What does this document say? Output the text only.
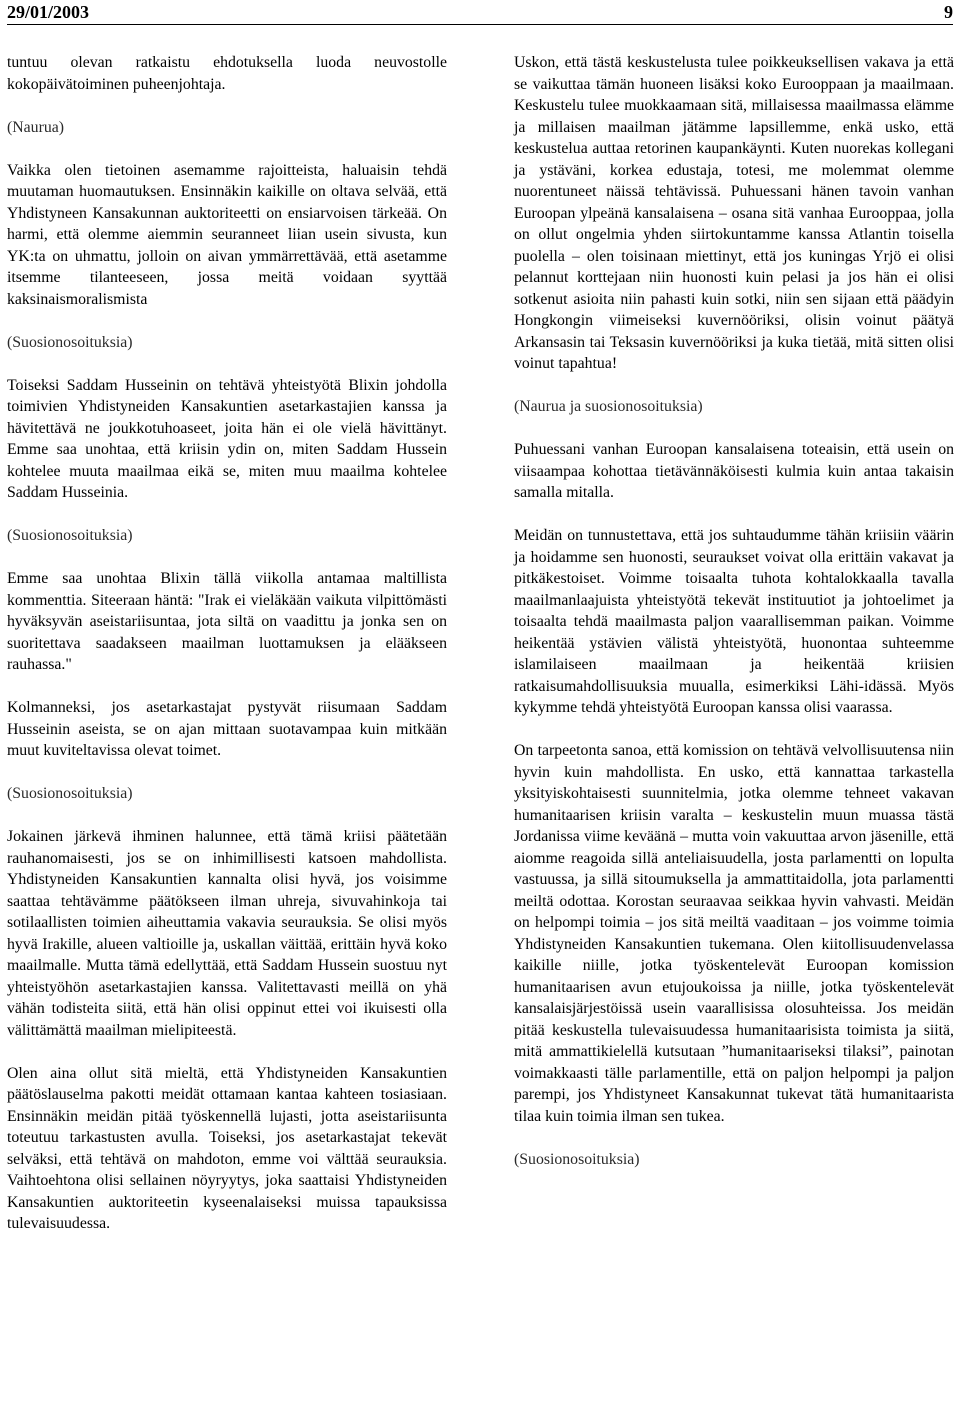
29/01/2003	9

tuntuu olevan ratkaistu ehdotuksella luoda neuvostolle kokopäivätoiminen puheenjohtaja.

(Naurua)

Vaikka olen tietoinen asemamme rajoitteista, haluaisin tehdä muutaman huomautuksen. Ensinnäkin kaikille on oltava selvää, että Yhdistyneen Kansakunnan auktoriteetti on ensiarvoisen tärkeää. On harmi, että olemme aiemmin seuranneet liian usein sivusta, kun YK:ta on uhmattu, jolloin on aivan ymmärrettävää, että asetamme itsemme tilanteeseen, jossa meitä voidaan syyttää kaksinaismoralismista

(Suosionosoituksia)

Toiseksi Saddam Husseinin on tehtävä yhteistyötä Blixin johdolla toimivien Yhdistyneiden Kansakuntien asetarkastajien kanssa ja hävitettävä ne joukkotuhoaseet, joita hän ei ole vielä hävittänyt. Emme saa unohtaa, että kriisin ydin on, miten Saddam Hussein kohtelee muuta maailmaa eikä se, miten muu maailma kohtelee Saddam Husseinia.

(Suosionosoituksia)

Emme saa unohtaa Blixin tällä viikolla antamaa maltillista kommenttia. Siteeraan häntä: "Irak ei vieläkään vaikuta vilpittömästi hyväksyvän aseistariisuntaa, jota siltä on vaadittu ja jonka sen on suoritettava saadakseen maailman luottamuksen ja elääkseen rauhassa."

Kolmanneksi, jos asetarkastajat pystyvät riisumaan Saddam Husseinin aseista, se on ajan mittaan suotavampaa kuin mitkään muut kuviteltavissa olevat toimet.

(Suosionosoituksia)

Jokainen järkevä ihminen halunnee, että tämä kriisi päätetään rauhanomaisesti, jos se on inhimillisesti katsoen mahdollista. Yhdistyneiden Kansakuntien kannalta olisi hyvä, jos voisimme saattaa tehtävämme päätökseen ilman uhreja, sivuvahinkoja tai sotilaallisten toimien aiheuttamia vakavia seurauksia. Se olisi myös hyvä Irakille, alueen valtioille ja, uskallan väittää, erittäin hyvä koko maailmalle. Mutta tämä edellyttää, että Saddam Hussein suostuu nyt yhteistyöhön asetarkastajien kanssa. Valitettavasti meillä on yhä vähän todisteita siitä, että hän olisi oppinut ettei voi ikuisesti olla välittämättä maailman mielipiteestä.

Olen aina ollut sitä mieltä, että Yhdistyneiden Kansakuntien päätöslauselma pakotti meidät ottamaan kantaa kahteen tosiasiaan. Ensinnäkin meidän pitää työskennellä lujasti, jotta aseistariisunta toteutuu tarkastusten avulla. Toiseksi, jos asetarkastajat tekevät selväksi, että tehtävä on mahdoton, emme voi välttää seurauksia. Vaihtoehtona olisi sellainen nöyryytys, joka saattaisi Yhdistyneiden Kansakuntien auktoriteetin kyseenalaiseksi muissa tapauksissa tulevaisuudessa.

Uskon, että tästä keskustelusta tulee poikkeuksellisen vakava ja että se vaikuttaa tämän huoneen lisäksi koko Eurooppaan ja maailmaan. Keskustelu tulee muokkaamaan sitä, millaisessa maailmassa elämme ja millaisen maailman jätämme lapsillemme, enkä usko, että keskustelua auttaa retorinen kaupankäynti. Kuten nuorekas kollegani ja ystäväni, korkea edustaja, totesi, me molemmat olemme nuorentuneet näissä tehtävissä. Puhuessani hänen tavoin vanhan Euroopan ylpeänä kansalaisena – osana sitä vanhaa Eurooppaa, jolla on ollut ongelmia yhden siirtokuntamme kanssa Atlantin toisella puolella – olen toisinaan miettinyt, että jos kuningas Yrjö ei olisi pelannut korttejaan niin huonosti kuin pelasi ja jos hän ei olisi sotkenut asioita niin pahasti kuin sotki, niin sen sijaan että päädyin Hongkongin viimeiseksi kuvernööriksi, olisin voinut päätyä Arkansasin tai Teksasin kuvernööriksi ja kuka tietää, mitä sitten olisi voinut tapahtua!

(Naurua ja suosionosoituksia)

Puhuessani vanhan Euroopan kansalaisena toteaisin, että usein on viisaampaa kohottaa tietävännäköisesti kulmia kuin antaa takaisin samalla mitalla.

Meidän on tunnustettava, että jos suhtaudumme tähän kriisiin väärin ja hoidamme sen huonosti, seuraukset voivat olla erittäin vakavat ja pitkäkestoiset. Voimme toisaalta tuhota kohtalokkaalla tavalla maailmanlaajuista yhteistyötä tekevät instituutiot ja johtoelimet ja toisaalta tehdä maailmasta paljon vaarallisemman paikan. Voimme heikentää ystävien välistä yhteistyötä, huonontaa suhteemme islamilaiseen maailmaan ja heikentää kriisien ratkaisumahdollisuuksia muualla, esimerkiksi Lähi-idässä. Myös kykymme tehdä yhteistyötä Euroopan kanssa olisi vaarassa.

On tarpeetonta sanoa, että komission on tehtävä velvollisuutensa niin hyvin kuin mahdollista. En usko, että kannattaa tarkastella yksityiskohtaisesti suunnitelmia, jotka olemme tehneet vakavan humanitaarisen kriisin varalta – keskustelin muun muassa tästä Jordanissa viime keväänä – mutta voin vakuuttaa arvon jäsenille, että aiomme reagoida sillä anteliaisuudella, josta parlamentti on lopulta vastuussa, ja sillä sitoumuksella ja ammattitaidolla, jota parlamentti meiltä odottaa. Korostan seuraavaa seikkaa hyvin vahvasti. Meidän on helpompi toimia – jos sitä meiltä vaaditaan – jos voimme toimia Yhdistyneiden Kansakuntien tukemana. Olen kiitollisuudenvelassa kaikille niille, jotka työskentelevät Euroopan komission humanitaarisen avun etujoukoissa ja niille, jotka työskentelevät kansalaisjärjestöissä usein vaarallisissa olosuhteissa. Jos meidän pitää keskustella tulevaisuudessa humanitaarisista toimista ja siitä, mitä ammattikielellä kutsutaan ”humanitaariseksi tilaksi”, painotan voimakkaasti tälle parlamentille, että on paljon helpompi ja paljon parempi, jos Yhdistyneet Kansakunnat tukevat tätä humanitaarista tilaa kuin toimia ilman sen tukea.

(Suosionosoituksia)
